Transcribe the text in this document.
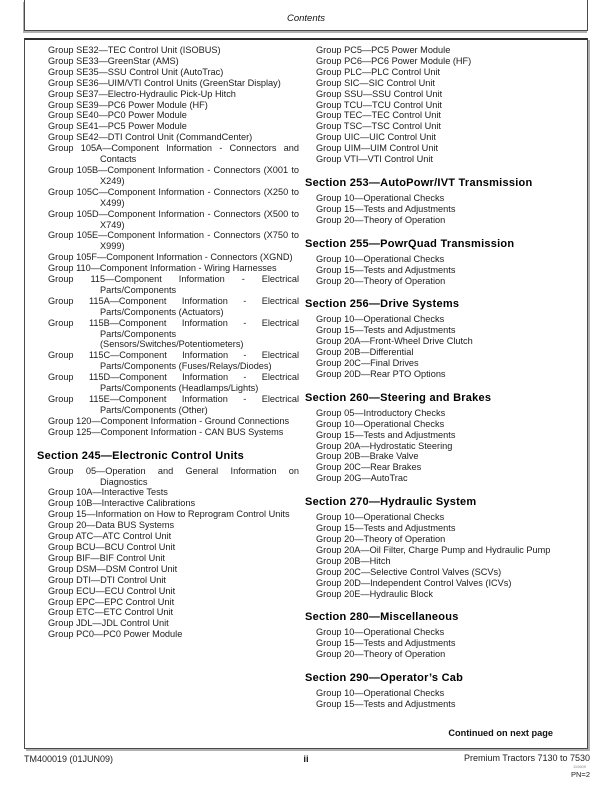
Contents
Group SE32—TEC Control Unit (ISOBUS)
Group SE33—GreenStar (AMS)
Group SE35—SSU Control Unit (AutoTrac)
Group SE36—UIM/VTI Control Units (GreenStar Display)
Group SE37—Electro-Hydraulic Pick-Up Hitch
Group SE39—PC6 Power Module (HF)
Group SE40—PC0 Power Module
Group SE41—PC5 Power Module
Group SE42—DTI Control Unit (CommandCenter)
Group 105A—Component Information - Connectors and Contacts
Group 105B—Component Information - Connectors (X001 to X249)
Group 105C—Component Information - Connectors (X250 to X499)
Group 105D—Component Information - Connectors (X500 to X749)
Group 105E—Component Information - Connectors (X750 to X999)
Group 105F—Component Information - Connectors (XGND)
Group 110—Component Information - Wiring Harnesses
Group 115—Component Information - Electrical Parts/Components
Group 115A—Component Information - Electrical Parts/Components (Actuators)
Group 115B—Component Information - Electrical Parts/Components (Sensors/Switches/Potentiometers)
Group 115C—Component Information - Electrical Parts/Components (Fuses/Relays/Diodes)
Group 115D—Component Information - Electrical Parts/Components (Headlamps/Lights)
Group 115E—Component Information - Electrical Parts/Components (Other)
Group 120—Component Information - Ground Connections
Group 125—Component Information - CAN BUS Systems
Section 245—Electronic Control Units
Group 05—Operation and General Information on Diagnostics
Group 10A—Interactive Tests
Group 10B—Interactive Calibrations
Group 15—Information on How to Reprogram Control Units
Group 20—Data BUS Systems
Group ATC—ATC Control Unit
Group BCU—BCU Control Unit
Group BIF—BIF Control Unit
Group DSM—DSM Control Unit
Group DTI—DTI Control Unit
Group ECU—ECU Control Unit
Group EPC—EPC Control Unit
Group ETC—ETC Control Unit
Group JDL—JDL Control Unit
Group PC0—PC0 Power Module
Group PC5—PC5 Power Module
Group PC6—PC6 Power Module (HF)
Group PLC—PLC Control Unit
Group SIC—SIC Control Unit
Group SSU—SSU Control Unit
Group TCU—TCU Control Unit
Group TEC—TEC Control Unit
Group TSC—TSC Control Unit
Group UIC—UIC Control Unit
Group UIM—UIM Control Unit
Group VTI—VTI Control Unit
Section 253—AutoPowr/IVT Transmission
Group 10—Operational Checks
Group 15—Tests and Adjustments
Group 20—Theory of Operation
Section 255—PowrQuad Transmission
Group 10—Operational Checks
Group 15—Tests and Adjustments
Group 20—Theory of Operation
Section 256—Drive Systems
Group 10—Operational Checks
Group 15—Tests and Adjustments
Group 20A—Front-Wheel Drive Clutch
Group 20B—Differential
Group 20C—Final Drives
Group 20D—Rear PTO Options
Section 260—Steering and Brakes
Group 05—Introductory Checks
Group 10—Operational Checks
Group 15—Tests and Adjustments
Group 20A—Hydrostatic Steering
Group 20B—Brake Valve
Group 20C—Rear Brakes
Group 20G—AutoTrac
Section 270—Hydraulic System
Group 10—Operational Checks
Group 15—Tests and Adjustments
Group 20—Theory of Operation
Group 20A—Oil Filter, Charge Pump and Hydraulic Pump
Group 20B—Hitch
Group 20C—Selective Control Valves (SCVs)
Group 20D—Independent Control Valves (ICVs)
Group 20E—Hydraulic Block
Section 280—Miscellaneous
Group 10—Operational Checks
Group 15—Tests and Adjustments
Group 20—Theory of Operation
Section 290—Operator’s Cab
Group 10—Operational Checks
Group 15—Tests and Adjustments
Continued on next page
TM400019 (01JUN09)	ii	Premium Tractors 7130 to 7530
110609
PN=2
